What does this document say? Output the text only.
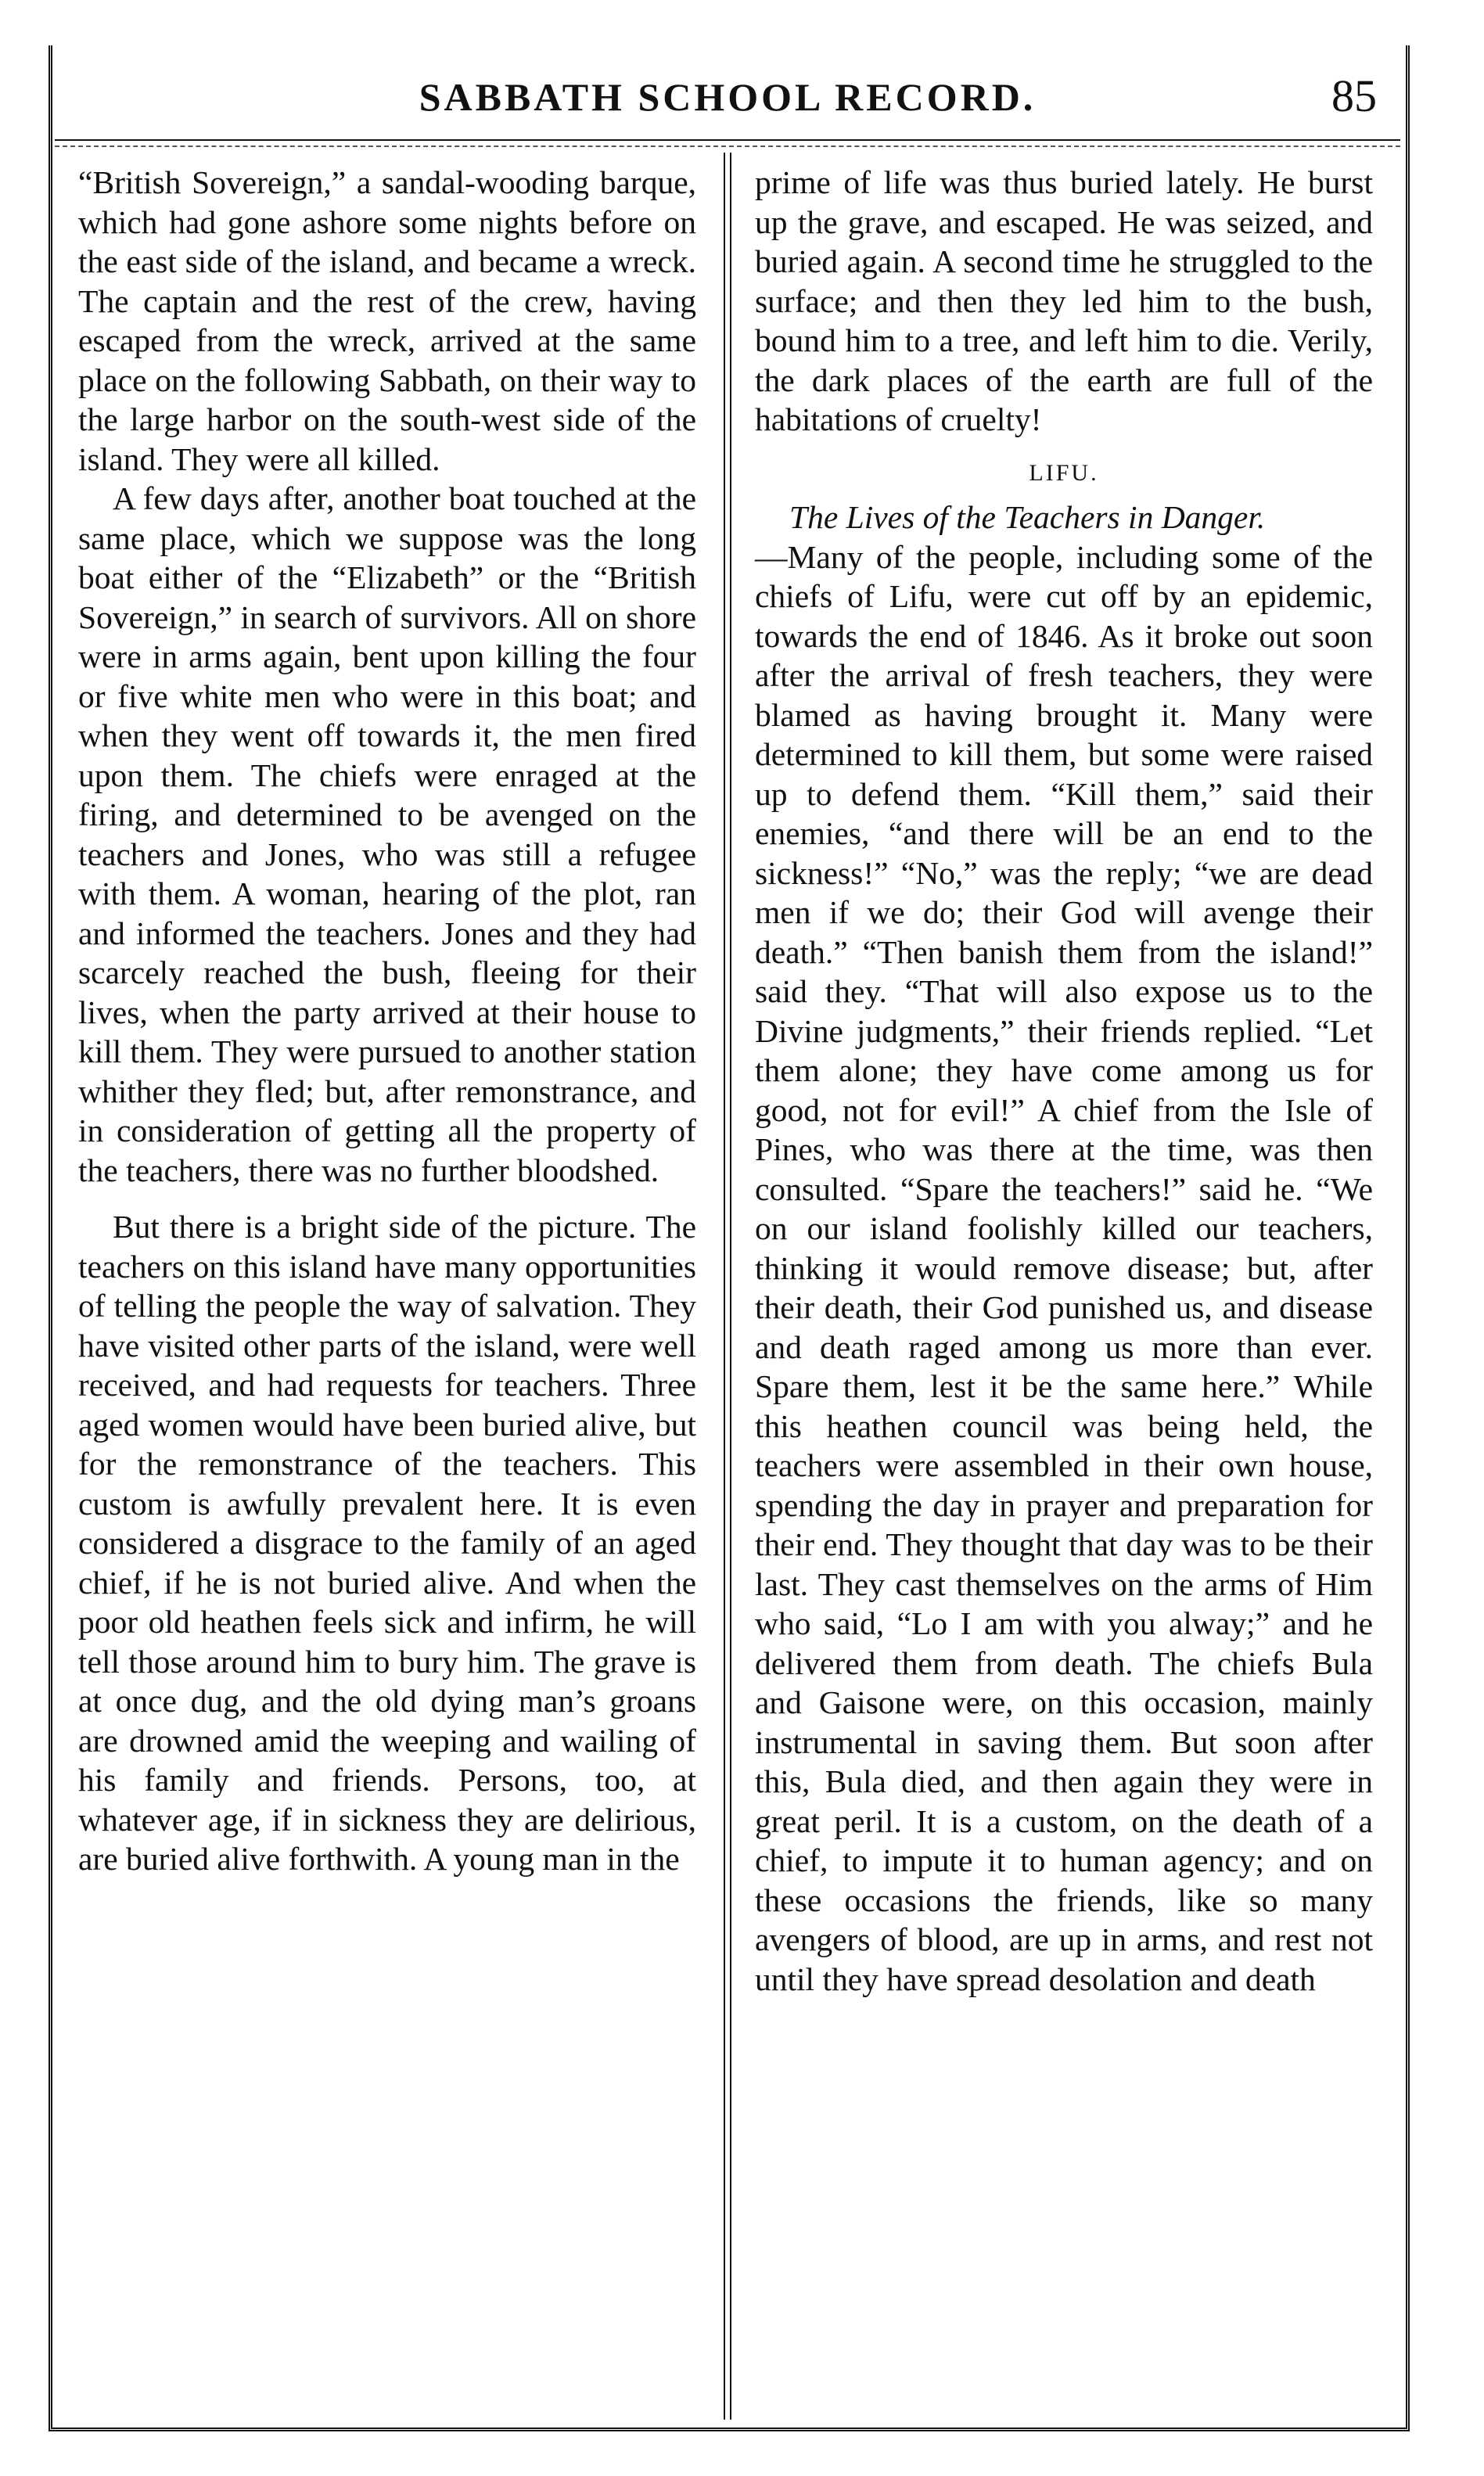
SABBATH SCHOOL RECORD.	85

“British Sovereign,” a sandal-wooding barque, which had gone ashore some nights before on the east side of the island, and became a wreck. The captain and the rest of the crew, having escaped from the wreck, arrived at the same place on the following Sabbath, on their way to the large harbor on the south-west side of the island. They were all killed.

A few days after, another boat touched at the same place, which we suppose was the long boat either of the “Elizabeth” or the “British Sovereign,” in search of survivors. All on shore were in arms again, bent upon killing the four or five white men who were in this boat; and when they went off towards it, the men fired upon them. The chiefs were enraged at the firing, and determined to be avenged on the teachers and Jones, who was still a refugee with them. A woman, hearing of the plot, ran and informed the teachers. Jones and they had scarcely reached the bush, fleeing for their lives, when the party arrived at their house to kill them. They were pursued to another station whither they fled; but, after remonstrance, and in consideration of getting all the property of the teachers, there was no further bloodshed.

But there is a bright side of the picture. The teachers on this island have many opportunities of telling the people the way of salvation. They have visited other parts of the island, were well received, and had requests for teachers. Three aged women would have been buried alive, but for the remonstrance of the teachers. This custom is awfully prevalent here. It is even considered a disgrace to the family of an aged chief, if he is not buried alive. And when the poor old heathen feels sick and infirm, he will tell those around him to bury him. The grave is at once dug, and the old dying man’s groans are drowned amid the weeping and wailing of his family and friends. Persons, too, at whatever age, if in sickness they are delirious, are buried alive forthwith. A young man in the

prime of life was thus buried lately. He burst up the grave, and escaped. He was seized, and buried again. A second time he struggled to the surface; and then they led him to the bush, bound him to a tree, and left him to die. Verily, the dark places of the earth are full of the habitations of cruelty!

LIFU.

The Lives of the Teachers in Danger.
—Many of the people, including some of the chiefs of Lifu, were cut off by an epidemic, towards the end of 1846. As it broke out soon after the arrival of fresh teachers, they were blamed as having brought it. Many were determined to kill them, but some were raised up to defend them. “Kill them,” said their enemies, “and there will be an end to the sickness!” “No,” was the reply; “we are dead men if we do; their God will avenge their death.” “Then banish them from the island!” said they. “That will also expose us to the Divine judgments,” their friends replied. “Let them alone; they have come among us for good, not for evil!” A chief from the Isle of Pines, who was there at the time, was then consulted. “Spare the teachers!” said he. “We on our island foolishly killed our teachers, thinking it would remove disease; but, after their death, their God punished us, and disease and death raged among us more than ever. Spare them, lest it be the same here.” While this heathen council was being held, the teachers were assembled in their own house, spending the day in prayer and preparation for their end. They thought that day was to be their last. They cast themselves on the arms of Him who said, “Lo I am with you alway;” and he delivered them from death. The chiefs Bula and Gaisone were, on this occasion, mainly instrumental in saving them. But soon after this, Bula died, and then again they were in great peril. It is a custom, on the death of a chief, to impute it to human agency; and on these occasions the friends, like so many avengers of blood, are up in arms, and rest not until they have spread desolation and death
